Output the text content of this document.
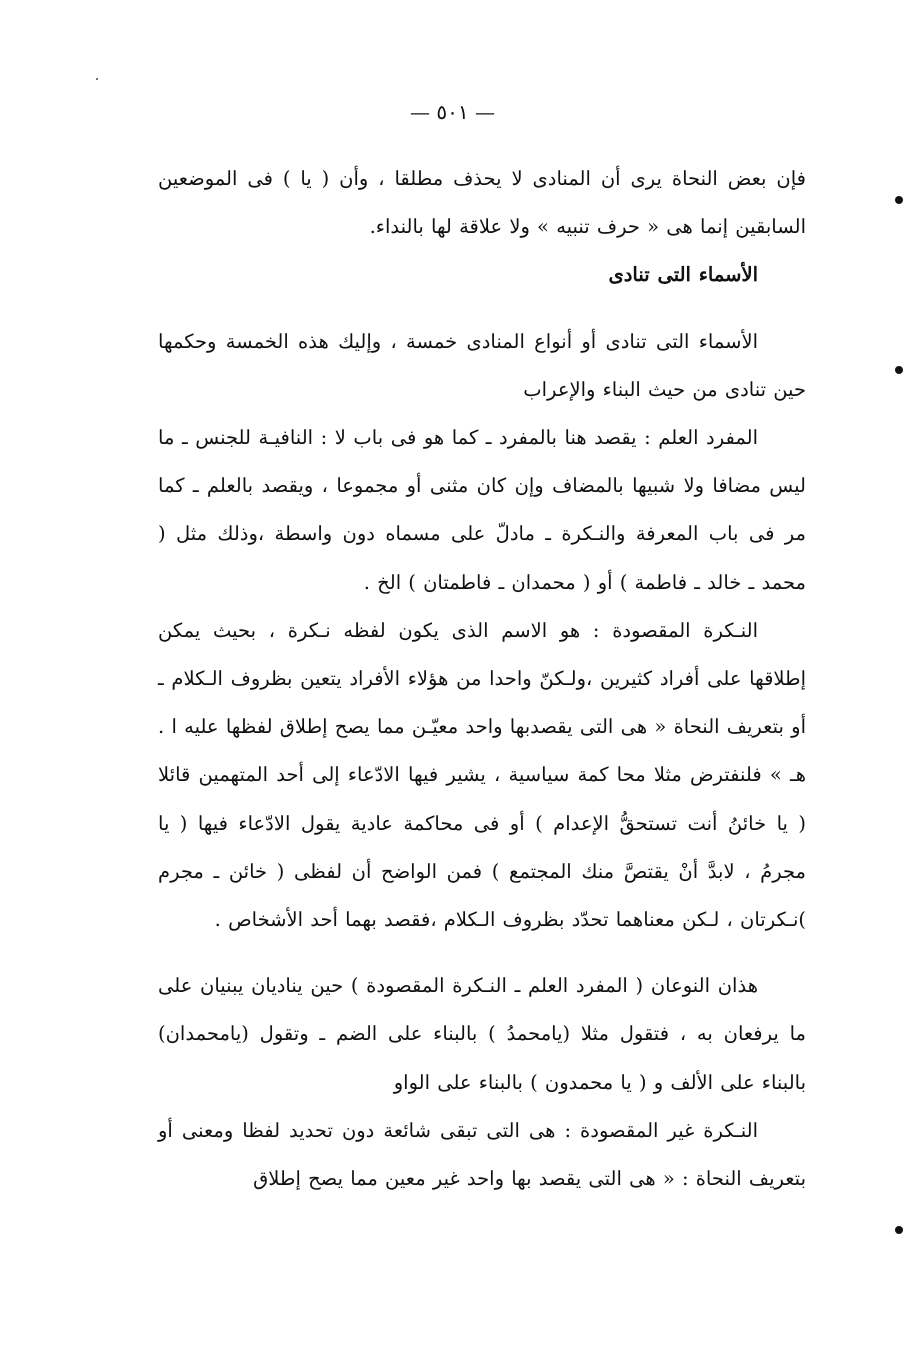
— ٥٠١ —

فإن بعض النحاة يرى أن المنادى لا يحذف مطلقا ، وأن ( يا ) فى الموضعين السابقين إنما هى « حرف تنبيه » ولا علاقة لها بالنداء.

الأسماء التى تنادى

الأسماء التى تنادى أو أنواع المنادى خمسة ، وإليك هذه الخمسة وحكمها حين تنادى من حيث البناء والإعراب

المفرد العلم : يقصد هنا بالمفرد ـ كما هو فى باب لا : النافيـة للجنس ـ ما ليس مضافا ولا شبيها بالمضاف وإن كان مثنى أو مجموعا ، ويقصد بالعلم ـ كما مر فى باب المعرفة والنـكرة ـ مادلّ على مسماه دون واسطة ،وذلك مثل ( محمد ـ خالد ـ فاطمة ) أو ( محمدان ـ فاطمتان ) الخ .

النـكرة المقصودة : هو الاسم الذى يكون لفظه نـكرة ، بحيث يمكن إطلاقها على أفراد كثيرين ،ولـكنّ واحدا من هؤلاء الأفراد يتعين بظروف الـكلام ـ أو بتعريف النحاة « هى التى يقصدبها واحد معيّـن مما يصح إطلاق لفظها عليه ا . هـ » فلنفترض مثلا محا كمة سياسية ، يشير فيها الادّعاء إلى أحد المتهمين قائلا ( يا خائنُ أنت تستحقُّ الإعدام ) أو فى محاكمة عادية يقول الادّعاء فيها ( يا مجرمُ ، لابدَّ أنْ يقتصَّ منك المجتمع ) فمن الواضح أن لفظى ( خائن ـ مجرم )نـكرتان ، لـكن معناهما تحدّد بظروف الـكلام ،فقصد بهما أحد الأشخاص .

هذان النوعان ( المفرد العلم ـ النـكرة المقصودة ) حين يناديان يبنيان على ما يرفعان به ، فتقول مثلا (يامحمدُ ) بالبناء على الضم ـ وتقول (يامحمدان) بالبناء على الألف و ( يا محمدون ) بالبناء على الواو

النـكرة غير المقصودة : هى التى تبقى شائعة دون تحديد لفظا ومعنى أو بتعريف النحاة : « هى التى يقصد بها واحد غير معين مما يصح إطلاق
